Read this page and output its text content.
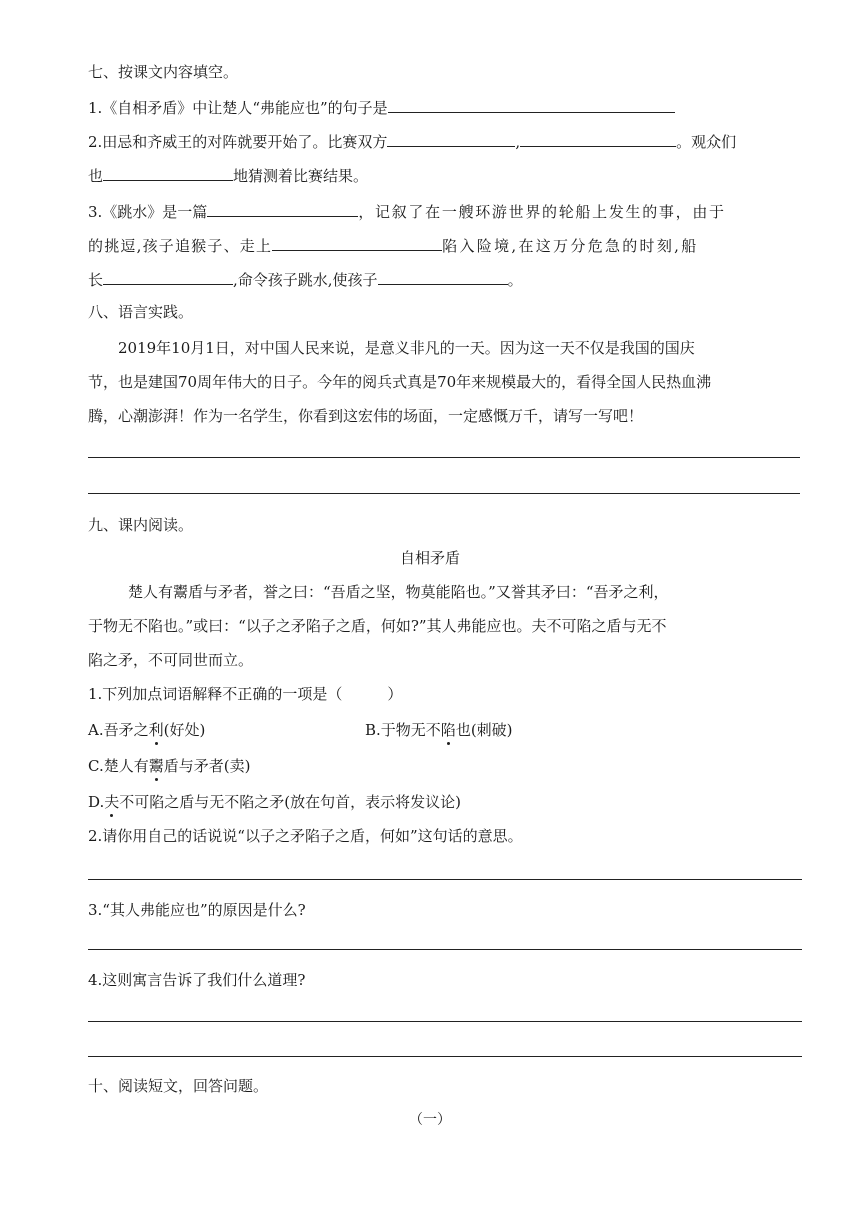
七、按课文内容填空。
1.《自相矛盾》中让楚人“弗能应也”的句子是
2.田忌和齐威王的对阵就要开始了。比赛双方	,	。观众们
也	地猜测着比赛结果。
3.《跳水》是一篇	，记叙了在一艘环游世界的轮船上发生的事，由于
的挑逗,孩子追猴子、走上	陷入险境,在这万分危急的时刻,船
长	,命令孩子跳水,使孩子	。
八、语言实践。
2019年10月1日，对中国人民来说，是意义非凡的一天。因为这一天不仅是我国的国庆
节，也是建国70周年伟大的日子。今年的阅兵式真是70年来规模最大的，看得全国人民热血沸
腾，心潮澎湃！作为一名学生，你看到这宏伟的场面，一定感慨万千，请写一写吧！
九、课内阅读。
自相矛盾
楚人有鬻盾与矛者，誉之曰：“吾盾之坚，物莫能陷也。”又誉其矛曰：“吾矛之利，
于物无不陷也。”或曰：“以子之矛陷子之盾，何如?”其人弗能应也。夫不可陷之盾与无不
陷之矛，不可同世而立。
1.下列加点词语解释不正确的一项是（　　　）
A.吾矛之利(好处)	B.于物无不陷也(刺破)
C.楚人有鬻盾与矛者(卖)
D.夫不可陷之盾与无不陷之矛(放在句首，表示将发议论)
2.请你用自己的话说说“以子之矛陷子之盾，何如”这句话的意思。
3.“其人弗能应也”的原因是什么?
4.这则寓言告诉了我们什么道理?
十、阅读短文，回答问题。
（一）
